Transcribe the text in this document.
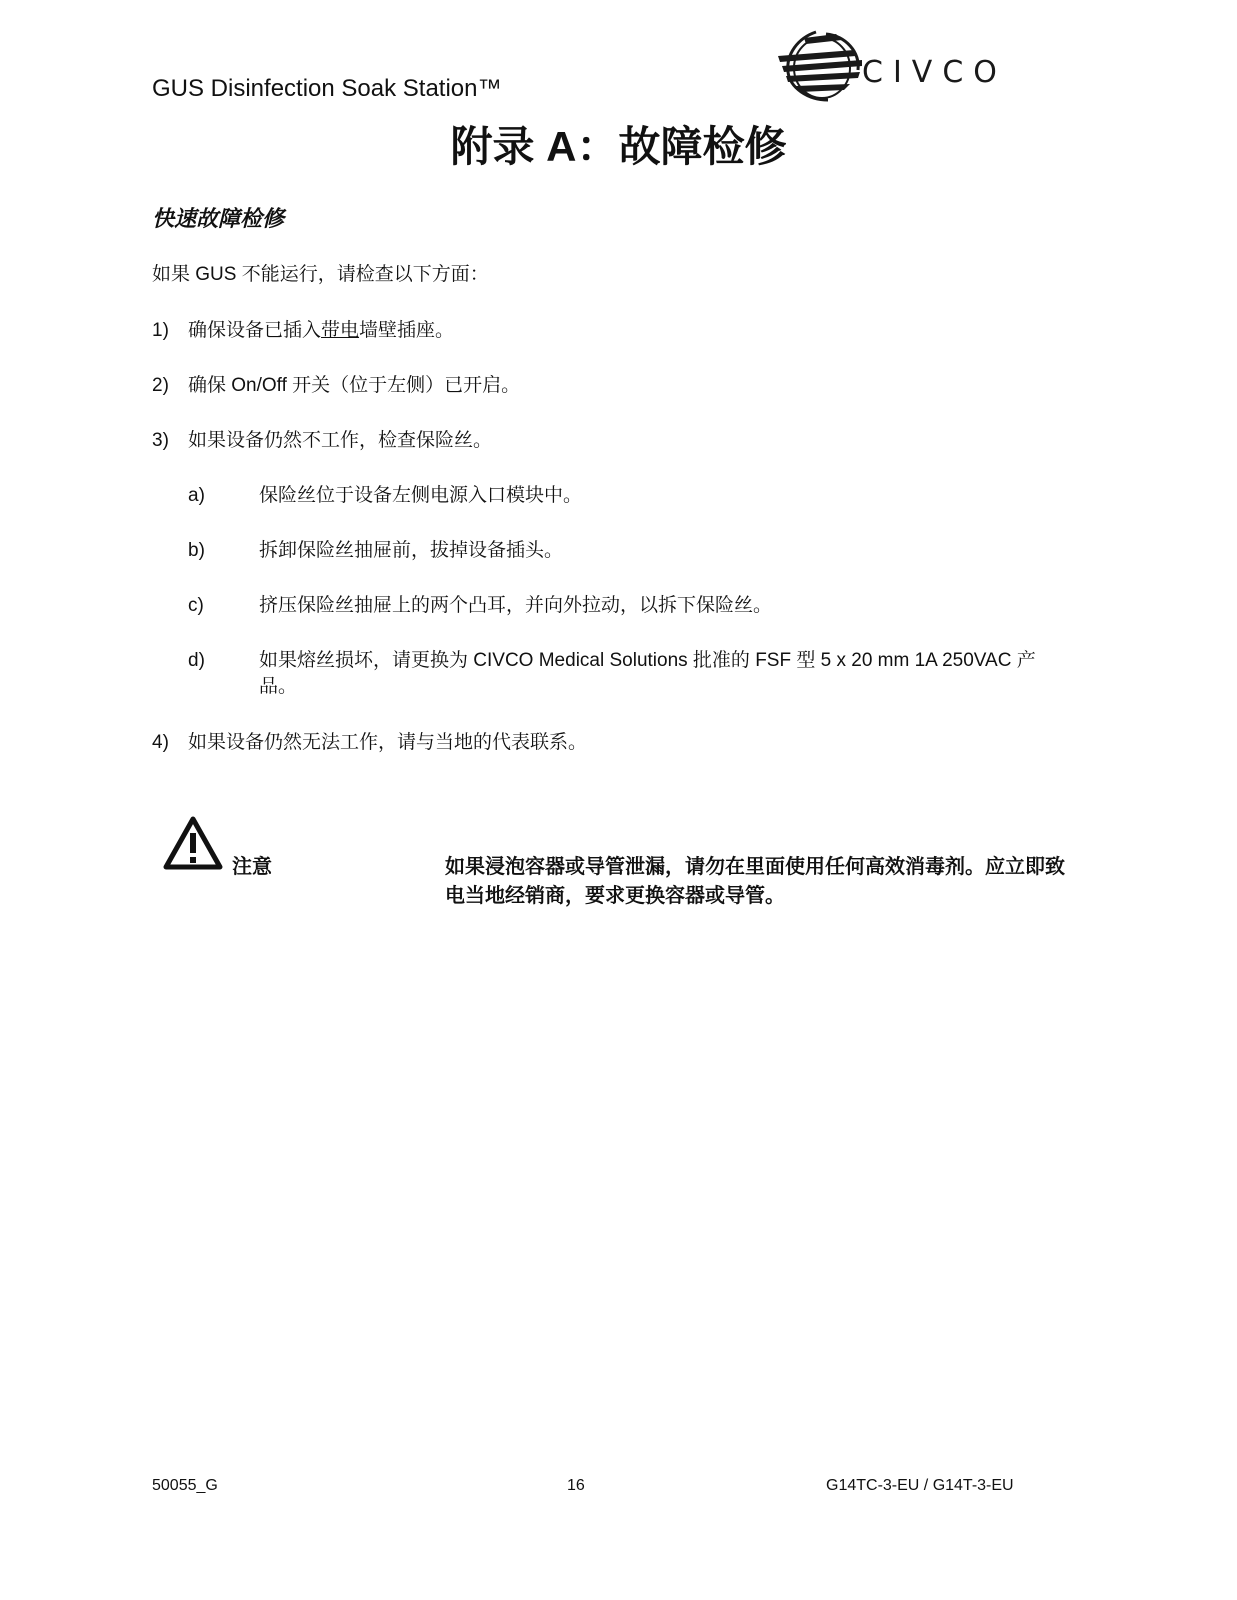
GUS Disinfection Soak Station™	CIVCO
附录 A：故障检修
快速故障检修
如果 GUS 不能运行，请检查以下方面：
1)	确保设备已插入带电墙壁插座。
2)	确保 On/Off 开关（位于左侧）已开启。
3)	如果设备仍然不工作，检查保险丝。
a)	保险丝位于设备左侧电源入口模块中。
b)	拆卸保险丝抽屉前，拔掉设备插头。
c)	挤压保险丝抽屉上的两个凸耳，并向外拉动，以拆下保险丝。
d)	如果熔丝损坏，请更换为 CIVCO Medical Solutions 批准的 FSF 型 5 x 20 mm 1A 250VAC 产品。
4)	如果设备仍然无法工作，请与当地的代表联系。
注意	如果浸泡容器或导管泄漏，请勿在里面使用任何高效消毒剂。应立即致电当地经销商，要求更换容器或导管。
50055_G	16	G14TC-3-EU / G14T-3-EU
